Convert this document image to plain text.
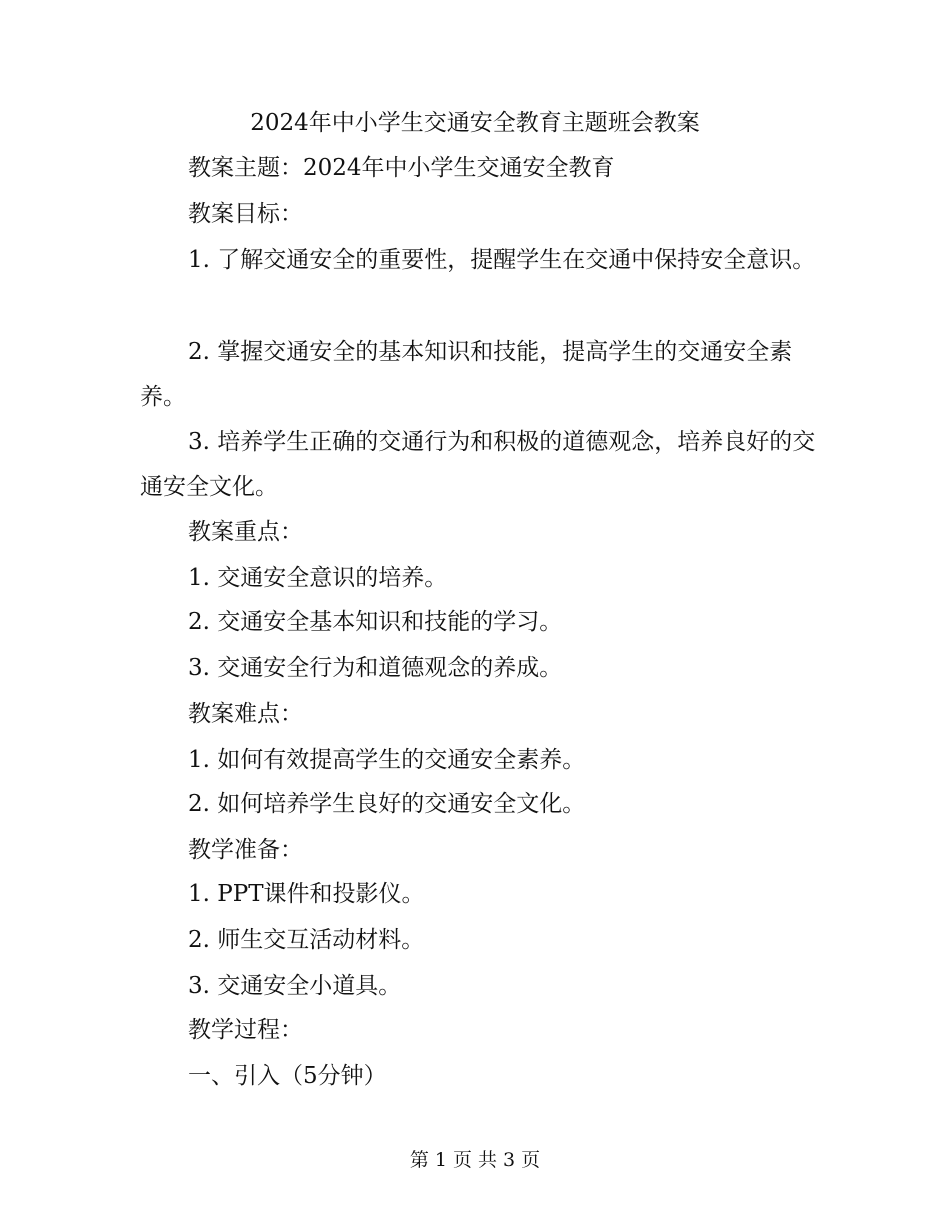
2024年中小学生交通安全教育主题班会教案

教案主题：2024年中小学生交通安全教育

教案目标：

1. 了解交通安全的重要性，提醒学生在交通中保持安全意识。

2. 掌握交通安全的基本知识和技能，提高学生的交通安全素养。

3. 培养学生正确的交通行为和积极的道德观念，培养良好的交通安全文化。

教案重点：

1. 交通安全意识的培养。

2. 交通安全基本知识和技能的学习。

3. 交通安全行为和道德观念的养成。

教案难点：

1. 如何有效提高学生的交通安全素养。

2. 如何培养学生良好的交通安全文化。

教学准备：

1. PPT课件和投影仪。

2. 师生交互活动材料。

3. 交通安全小道具。

教学过程：

一、引入（5分钟）

第 1 页 共 3 页
